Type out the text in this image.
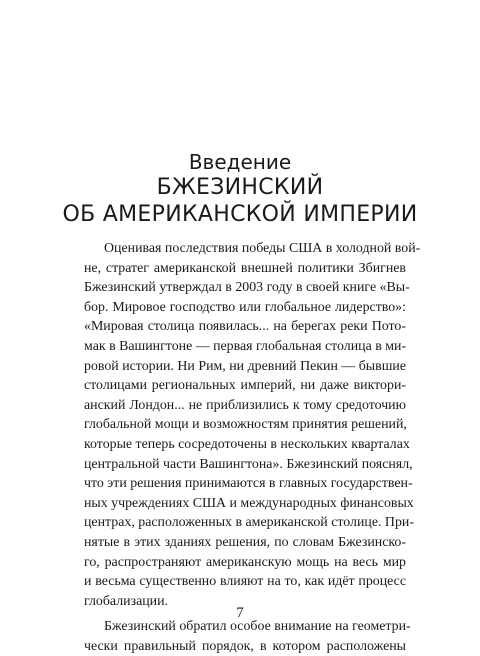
Введение

БЖЕЗИНСКИЙ

ОБ АМЕРИКАНСКОЙ ИМПЕРИИ

Оценивая последствия победы США в холодной вой-
не, стратег американской внешней политики Збигнев
Бжезинский утверждал в 2003 году в своей книге «Вы-
бор. Мировое господство или глобальное лидерство»:
«Мировая столица появилась... на берегах реки Пото-
мак в Вашингтоне — первая глобальная столица в ми-
ровой истории. Ни Рим, ни древний Пекин — бывшие
столицами региональных империй, ни даже виктори-
анский Лондон... не приблизились к тому средоточию
глобальной мощи и возможностям принятия решений,
которые теперь сосредоточены в нескольких кварталах
центральной части Вашингтона». Бжезинский пояснял,
что эти решения принимаются в главных государствен-
ных учреждениях США и международных финансовых
центрах, расположенных в американской столице. При-
нятые в этих зданиях решения, по словам Бжезинско-
го, распространяют американскую мощь на весь мир
и весьма существенно влияют на то, как идёт процесс
глобализации.
Бжезинский обратил особое внимание на геометри-
чески правильный порядок, в котором расположены
7
